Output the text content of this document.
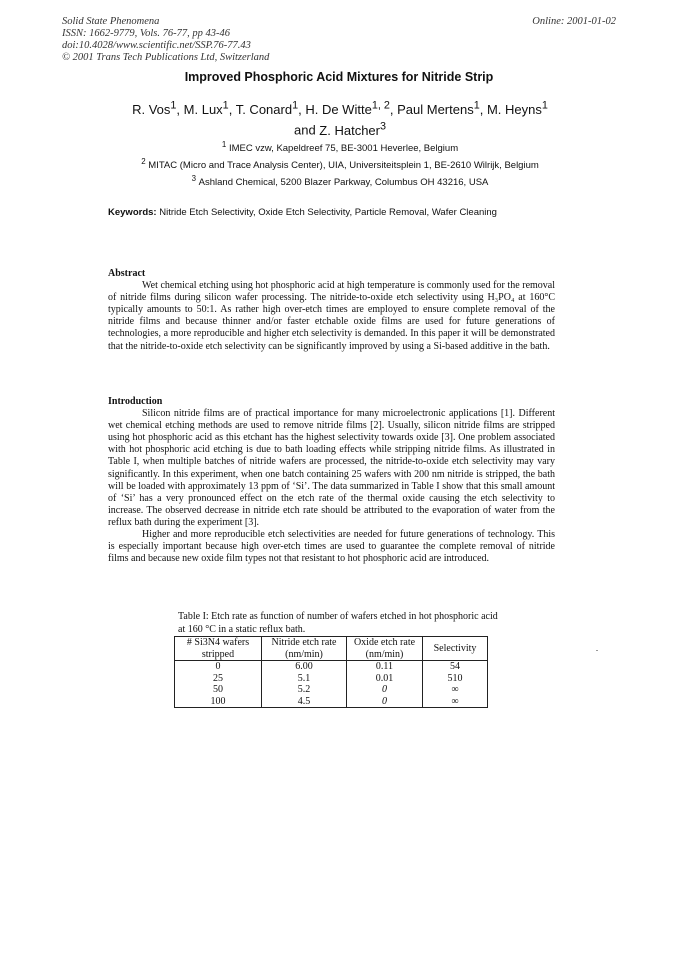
Solid State Phenomena
ISSN: 1662-9779, Vols. 76-77, pp 43-46
doi:10.4028/www.scientific.net/SSP.76-77.43
© 2001 Trans Tech Publications Ltd, Switzerland
Online: 2001-01-02
Improved Phosphoric Acid Mixtures for Nitride Strip
R. Vos$^1$, M. Lux$^1$, T. Conard$^1$, H. De Witte$^{1, 2}$, Paul Mertens$^1$, M. Heyns$^1$
and Z. Hatcher$^3$
$^1$ IMEC vzw, Kapeldreef 75, BE-3001 Heverlee, Belgium
$^2$ MITAC (Micro and Trace Analysis Center), UIA, Universiteitsplein 1, BE-2610 Wilrijk, Belgium
$^3$ Ashland Chemical, 5200 Blazer Parkway, Columbus OH 43216, USA
Keywords: Nitride Etch Selectivity, Oxide Etch Selectivity, Particle Removal, Wafer Cleaning
Abstract

Wet chemical etching using hot phosphoric acid at high temperature is commonly used for the removal of nitride films during silicon wafer processing. The nitride-to-oxide etch selectivity using H₃PO₄ at 160°C typically amounts to 50:1. As rather high over-etch times are employed to ensure complete removal of the nitride films and because thinner and/or faster etchable oxide films are used for future generations of technologies, a more reproducible and higher etch selectivity is demanded. In this paper it will be demonstrated that the nitride-to-oxide etch selectivity can be significantly improved by using a Si-based additive in the bath.

Introduction

Silicon nitride films are of practical importance for many microelectronic applications [1]. Different wet chemical etching methods are used to remove nitride films [2]. Usually, silicon nitride films are stripped using hot phosphoric acid as this etchant has the highest selectivity towards oxide [3]. One problem associated with hot phosphoric acid etching is due to bath loading effects while stripping nitride films. As illustrated in Table I, when multiple batches of nitride wafers are processed, the nitride-to-oxide etch selectivity may vary significantly. In this experiment, when one batch containing 25 wafers with 200 nm nitride is stripped, the bath will be loaded with approximately 13 ppm of ‘Si’. The data summarized in Table I show that this small amount of ‘Si’ has a very pronounced effect on the etch rate of the thermal oxide causing the etch selectivity to increase. The observed decrease in nitride etch rate should be attributed to the evaporation of water from the reflux bath during the experiment [3].

Higher and more reproducible etch selectivities are needed for future generations of technology. This is especially important because high over-etch times are used to guarantee the complete removal of nitride films and because new oxide film types not that resistant to hot phosphoric acid are introduced.

Table I: Etch rate as function of number of wafers etched in hot phosphoric acid at 160 °C in a static reflux bath.
# Si3N4 wafers stripped	Nitride etch rate (nm/min)	Oxide etch rate (nm/min)	Selectivity
0	6.00	0.11	54
25	5.1	0.01	510
50	5.2	0	∞
100	4.5	0	∞
